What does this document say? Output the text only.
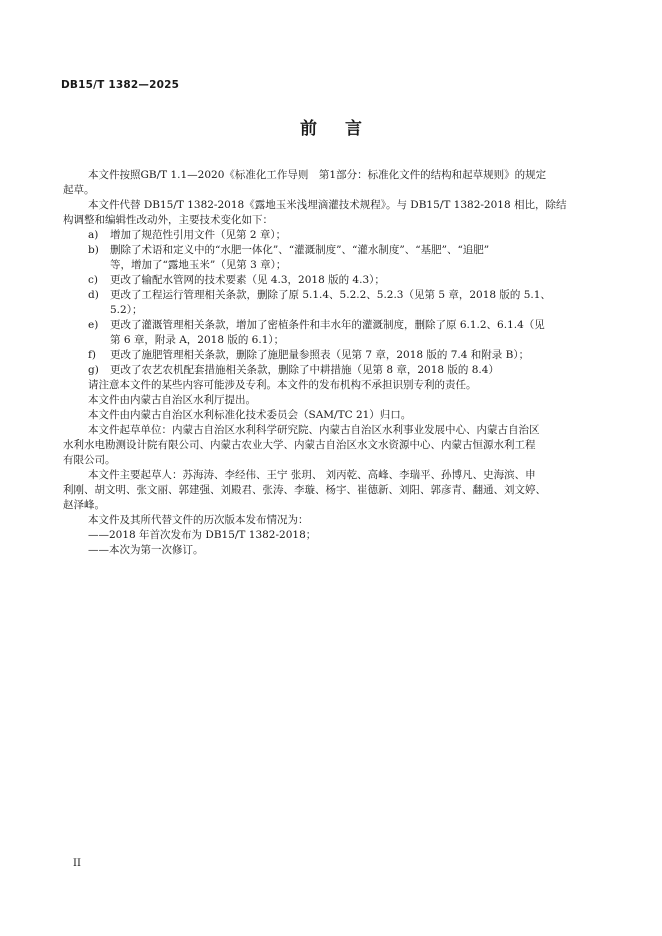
DB15/T 1382—2025
前言
本文件按照GB/T 1.1—2020《标准化工作导则　第1部分：标准化文件的结构和起草规则》的规定
起草。
本文件代替 DB15/T 1382-2018《露地玉米浅埋滴灌技术规程》。与 DB15/T 1382-2018 相比，除结
构调整和编辑性改动外，主要技术变化如下：
a)	增加了规范性引用文件（见第 2 章）；
b)	删除了术语和定义中的“水肥一体化”、“灌溉制度”、“灌水制度”、“基肥”、“追肥”
等，增加了“露地玉米”（见第 3 章）；
c)	更改了输配水管网的技术要素（见 4.3，2018 版的 4.3）；
d)	更改了工程运行管理相关条款，删除了原 5.1.4、5.2.2、5.2.3（见第 5 章，2018 版的 5.1、
5.2）；
e)	更改了灌溉管理相关条款，增加了密植条件和丰水年的灌溉制度，删除了原 6.1.2、6.1.4（见
第 6 章，附录 A，2018 版的 6.1）；
f)	更改了施肥管理相关条款，删除了施肥量参照表（见第 7 章，2018 版的 7.4 和附录 B）；
g)	更改了农艺农机配套措施相关条款，删除了中耕措施（见第 8 章，2018 版的 8.4）
请注意本文件的某些内容可能涉及专利。本文件的发布机构不承担识别专利的责任。
本文件由内蒙古自治区水利厅提出。
本文件由内蒙古自治区水利标准化技术委员会（SAM/TC 21）归口。
本文件起草单位：内蒙古自治区水利科学研究院、内蒙古自治区水利事业发展中心、内蒙古自治区
水利水电勘测设计院有限公司、内蒙古农业大学、内蒙古自治区水文水资源中心、内蒙古恒源水利工程
有限公司。
本文件主要起草人：苏海涛、李经伟、王宁 张玥、 刘丙乾、高峰、李瑞平、孙博凡、史海滨、申
利刚、胡文明、张文丽、郭建强、刘殿君、张涛、李璇、杨宇、崔德新、刘阳、郭彦青、翻通、刘文婷、
赵泽峰。
本文件及其所代替文件的历次版本发布情况为：
——2018 年首次发布为 DB15/T 1382-2018；
——本次为第一次修订。
II
